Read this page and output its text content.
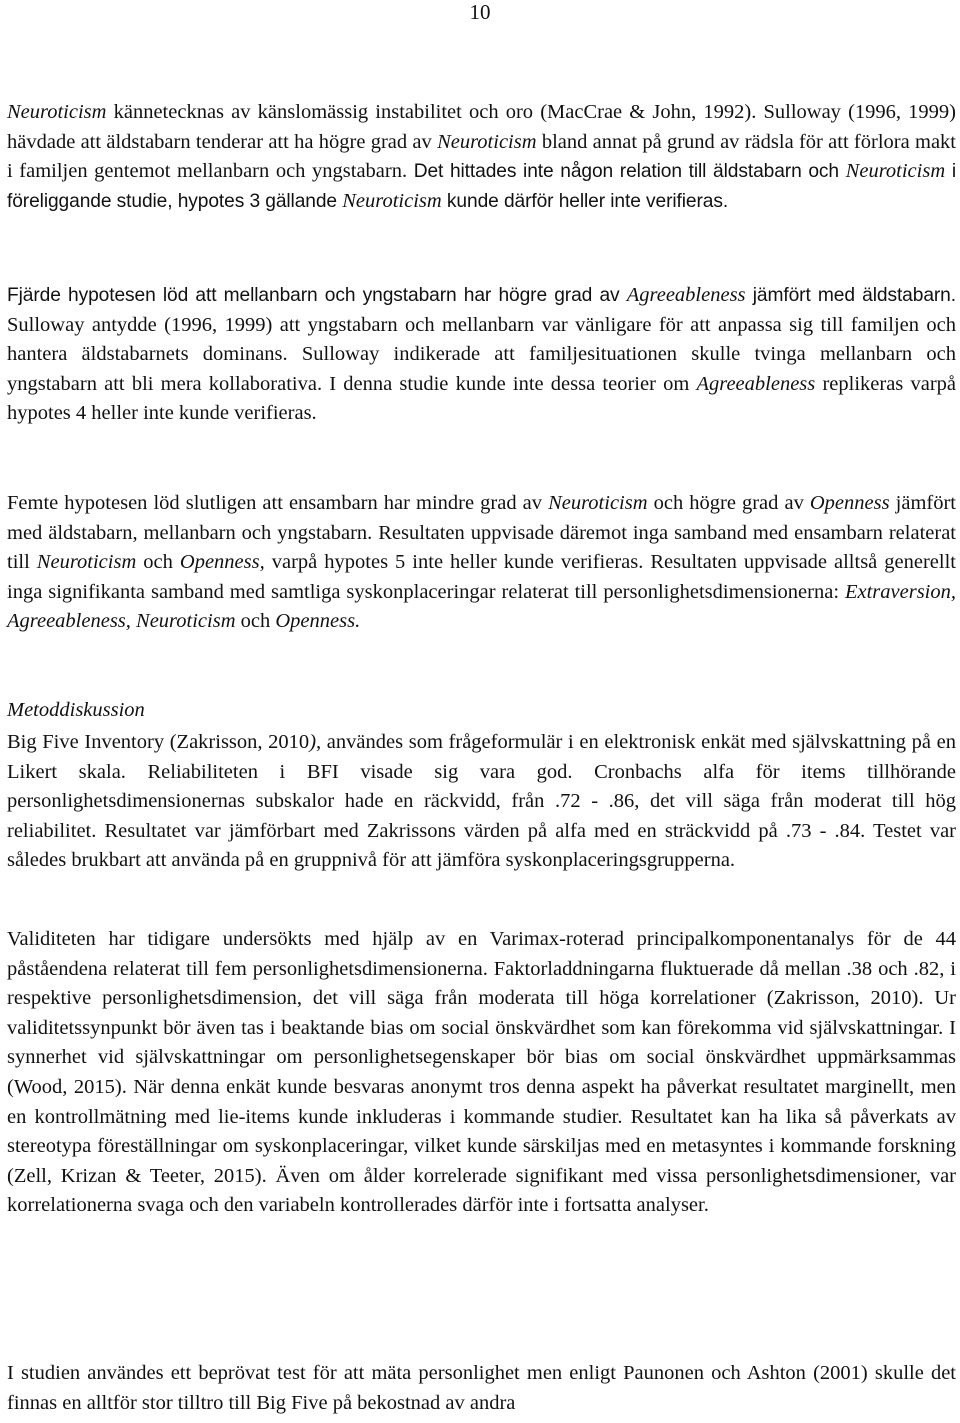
10

Neuroticism kännetecknas av känslomässig instabilitet och oro (MacCrae & John, 1992). Sulloway (1996, 1999) hävdade att äldstabarn tenderar att ha högre grad av Neuroticism bland annat på grund av rädsla för att förlora makt i familjen gentemot mellanbarn och yngstabarn. Det hittades inte någon relation till äldstabarn och Neuroticism i föreliggande studie, hypotes 3 gällande Neuroticism kunde därför heller inte verifieras.

Fjärde hypotesen löd att mellanbarn och yngstabarn har högre grad av Agreeableness jämfört med äldstabarn. Sulloway antydde (1996, 1999) att yngstabarn och mellanbarn var vänligare för att anpassa sig till familjen och hantera äldstabarnets dominans. Sulloway indikerade att familjesituationen skulle tvinga mellanbarn och yngstabarn att bli mera kollaborativa. I denna studie kunde inte dessa teorier om Agreeableness replikeras varpå hypotes 4 heller inte kunde verifieras.

Femte hypotesen löd slutligen att ensambarn har mindre grad av Neuroticism och högre grad av Openness jämfört med äldstabarn, mellanbarn och yngstabarn. Resultaten uppvisade däremot inga samband med ensambarn relaterat till Neuroticism och Openness, varpå hypotes 5 inte heller kunde verifieras. Resultaten uppvisade alltså generellt inga signifikanta samband med samtliga syskonplaceringar relaterat till personlighetsdimensionerna: Extraversion, Agreeableness, Neuroticism och Openness.

Metoddiskussion

Big Five Inventory (Zakrisson, 2010), användes som frågeformulär i en elektronisk enkät med självskattning på en Likert skala. Reliabiliteten i BFI visade sig vara god. Cronbachs alfa för items tillhörande personlighetsdimensionernas subskalor hade en räckvidd, från .72 - .86, det vill säga från moderat till hög reliabilitet. Resultatet var jämförbart med Zakrissons värden på alfa med en sträckvidd på .73 - .84. Testet var således brukbart att använda på en gruppnivå för att jämföra syskonplaceringsgrupperna.

Validiteten har tidigare undersökts med hjälp av en Varimax-roterad principalkomponentanalys för de 44 påståendena relaterat till fem personlighetsdimensionerna. Faktorladdningarna fluktuerade då mellan .38 och .82, i respektive personlighetsdimension, det vill säga från moderata till höga korrelationer (Zakrisson, 2010). Ur validitetssynpunkt bör även tas i beaktande bias om social önskvärdhet som kan förekomma vid självskattningar. I synnerhet vid självskattningar om personlighetsegenskaper bör bias om social önskvärdhet uppmärksammas (Wood, 2015). När denna enkät kunde besvaras anonymt tros denna aspekt ha påverkat resultatet marginellt, men en kontrollmätning med lie-items kunde inkluderas i kommande studier. Resultatet kan ha lika så påverkats av stereotypa föreställningar om syskonplaceringar, vilket kunde särskiljas med en metasyntes i kommande forskning (Zell, Krizan & Teeter, 2015). Även om ålder korrelerade signifikant med vissa personlighetsdimensioner, var korrelationerna svaga och den variabeln kontrollerades därför inte i fortsatta analyser.

I studien användes ett beprövat test för att mäta personlighet men enligt Paunonen och Ashton (2001) skulle det finnas en alltför stor tilltro till Big Five på bekostnad av andra
